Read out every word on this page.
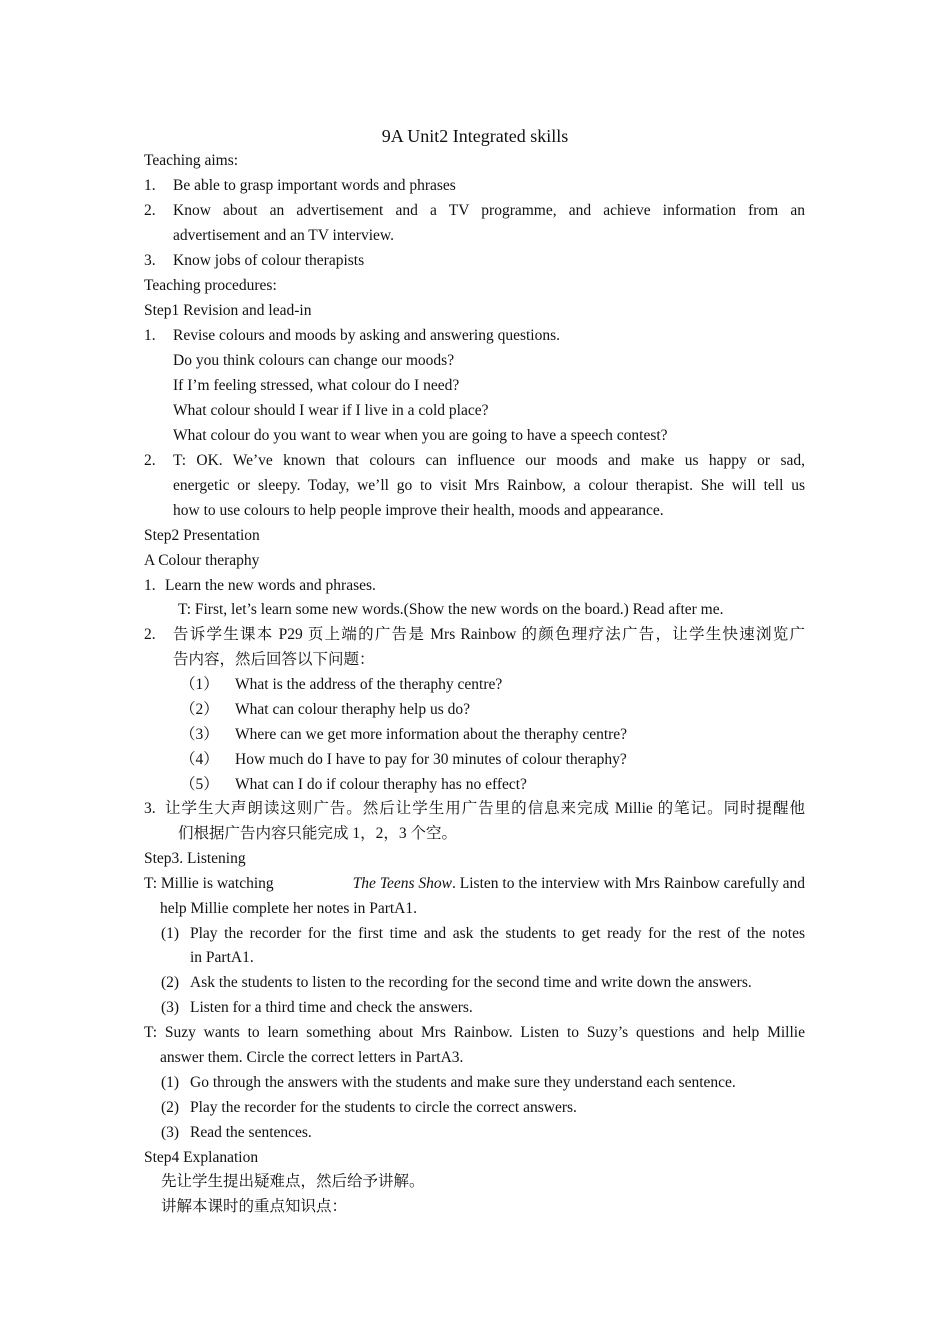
9A Unit2 Integrated skills
Teaching aims:
1. Be able to grasp important words and phrases
2. Know about an advertisement and a TV programme, and achieve information from an
advertisement and an TV interview.
3. Know jobs of colour therapists
Teaching procedures:
Step1 Revision and lead-in
1. Revise colours and moods by asking and answering questions.
Do you think colours can change our moods?
If I’m feeling stressed, what colour do I need?
What colour should I wear if I live in a cold place?
What colour do you want to wear when you are going to have a speech contest?
2. T: OK. We’ve known that colours can influence our moods and make us happy or sad,
energetic or sleepy. Today, we’ll go to visit Mrs Rainbow, a colour therapist. She will tell us
how to use colours to help people improve their health, moods and appearance.
Step2 Presentation
A Colour theraphy
1. Learn the new words and phrases.
T: First, let’s learn some new words.(Show the new words on the board.) Read after me.
2. 告诉学生课本 P29 页上端的广告是 Mrs Rainbow 的颜色理疗法广告，让学生快速浏览广
告内容，然后回答以下问题：
（1） What is the address of the theraphy centre?
（2） What can colour theraphy help us do?
（3） Where can we get more information about the theraphy centre?
（4） How much do I have to pay for 30 minutes of colour theraphy?
（5） What can I do if colour theraphy has no effect?
3. 让学生大声朗读这则广告。然后让学生用广告里的信息来完成 Millie 的笔记。同时提醒他
们根据广告内容只能完成 1，2，3 个空。
Step3. Listening
T: Millie is watching	The Teens Show. Listen to the interview with Mrs Rainbow carefully and
help Millie complete her notes in PartA1.
(1) Play the recorder for the first time and ask the students to get ready for the rest of the notes
in PartA1.
(2) Ask the students to listen to the recording for the second time and write down the answers.
(3) Listen for a third time and check the answers.
T: Suzy wants to learn something about Mrs Rainbow. Listen to Suzy’s questions and help Millie
answer them. Circle the correct letters in PartA3.
(1) Go through the answers with the students and make sure they understand each sentence.
(2) Play the recorder for the students to circle the correct answers.
(3) Read the sentences.
Step4 Explanation
先让学生提出疑难点，然后给予讲解。
讲解本课时的重点知识点：
